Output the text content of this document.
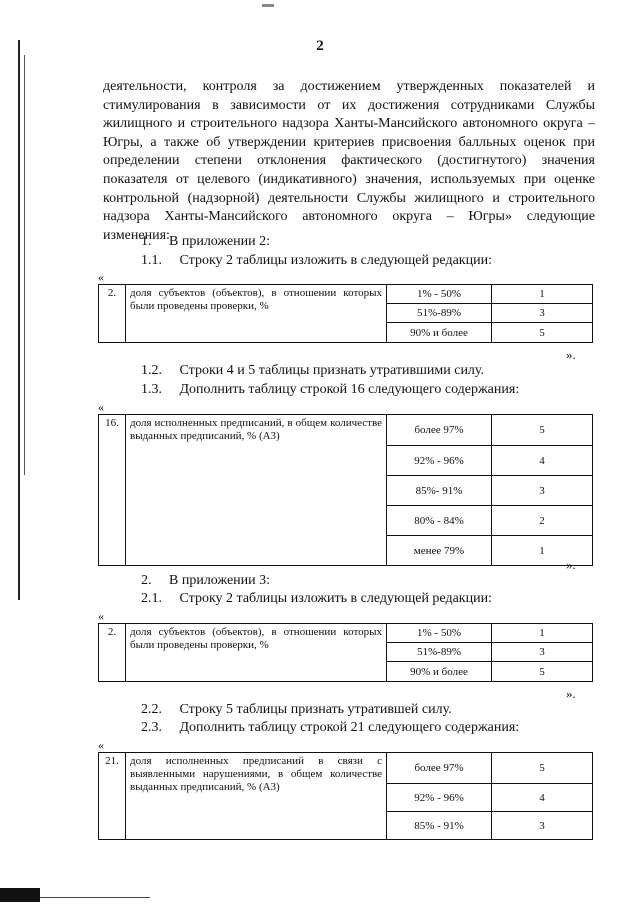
2
деятельности, контроля за достижением утвержденных показателей и стимулирования в зависимости от их достижения сотрудниками Службы жилищного и строительного надзора Ханты-Мансийского автономного округа – Югры, а также об утверждении критериев присвоения балльных оценок при определении степени отклонения фактического (достигнутого) значения показателя от целевого (индикативного) значения, используемых при оценке контрольной (надзорной) деятельности Службы жилищного и строительного надзора Ханты-Мансийского автономного округа – Югры» следующие изменения:
1.  В приложении 2:
1.1.  Строку 2 таблицы изложить в следующей редакции:
«
2.	доля субъектов (объектов), в отношении которых были проведены проверки, %	1% - 50%	1
		51%-89%	3
		90% и более	5
».
1.2.  Строки 4 и 5 таблицы признать утратившими силу.
1.3.  Дополнить таблицу строкой 16 следующего содержания:
«
16.	доля исполненных предписаний, в общем количестве выданных предписаний, % (А3)	более 97%	5
		92% - 96%	4
		85%- 91%	3
		80% - 84%	2
		менее 79%	1
».
2.  В приложении 3:
2.1.  Строку 2 таблицы изложить в следующей редакции:
«
2.	доля субъектов (объектов), в отношении которых были проведены проверки, %	1% - 50%	1
		51%-89%	3
		90% и более	5
».
2.2.  Строку 5 таблицы признать утратившей силу.
2.3.  Дополнить таблицу строкой 21 следующего содержания:
«
21.	доля исполненных предписаний в связи с выявленными нарушениями, в общем количестве выданных предписаний, % (А3)	более 97%	5
		92% - 96%	4
		85% - 91%	3
